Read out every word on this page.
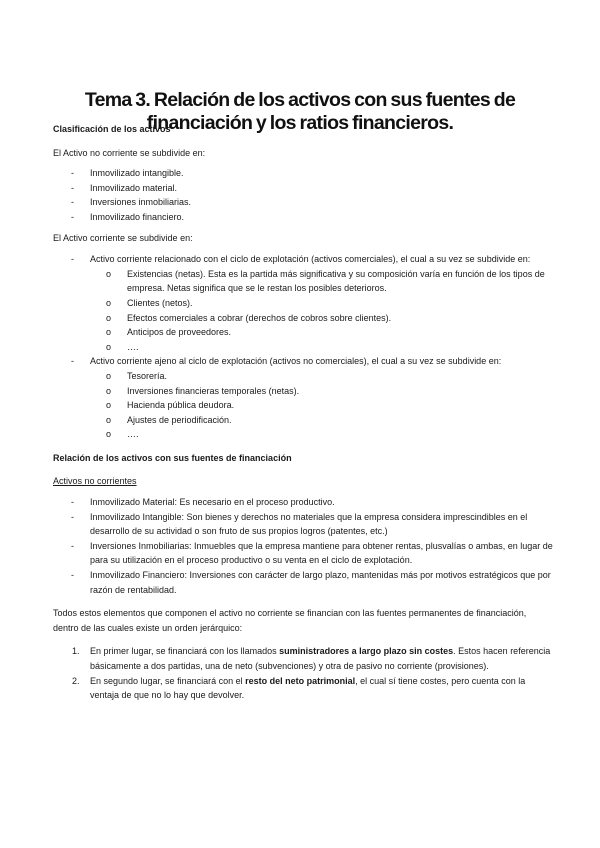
Tema 3. Relación de los activos con sus fuentes de financiación y los ratios financieros.

Clasificación de los activos

El Activo no corriente se subdivide en:

- Inmovilizado intangible.
- Inmovilizado material.
- Inversiones inmobiliarias.
- Inmovilizado financiero.

El Activo corriente se subdivide en:

- Activo corriente relacionado con el ciclo de explotación (activos comerciales), el cual a su vez se subdivide en:
o Existencias (netas). Esta es la partida más significativa y su composición varía en función de los tipos de empresa. Netas significa que se le restan los posibles deterioros.
o Clientes (netos).
o Efectos comerciales a cobrar (derechos de cobros sobre clientes).
o Anticipos de proveedores.
o ….
- Activo corriente ajeno al ciclo de explotación (activos no comerciales), el cual a su vez se subdivide en:
o Tesorería.
o Inversiones financieras temporales (netas).
o Hacienda pública deudora.
o Ajustes de periodificación.
o ….

Relación de los activos con sus fuentes de financiación

Activos no corrientes

- Inmovilizado Material: Es necesario en el proceso productivo.
- Inmovilizado Intangible: Son bienes y derechos no materiales que la empresa considera imprescindibles en el desarrollo de su actividad o son fruto de sus propios logros (patentes, etc.)
- Inversiones Inmobiliarias: Inmuebles que la empresa mantiene para obtener rentas, plusvalías o ambas, en lugar de para su utilización en el proceso productivo o su venta en el ciclo de explotación.
- Inmovilizado Financiero: Inversiones con carácter de largo plazo, mantenidas más por motivos estratégicos que por razón de rentabilidad.

Todos estos elementos que componen el activo no corriente se financian con las fuentes permanentes de financiación, dentro de las cuales existe un orden jerárquico:

1. En primer lugar, se financiará con los llamados suministradores a largo plazo sin costes. Estos hacen referencia básicamente a dos partidas, una de neto (subvenciones) y otra de pasivo no corriente (provisiones).
2. En segundo lugar, se financiará con el resto del neto patrimonial, el cual sí tiene costes, pero cuenta con la ventaja de que no lo hay que devolver.
